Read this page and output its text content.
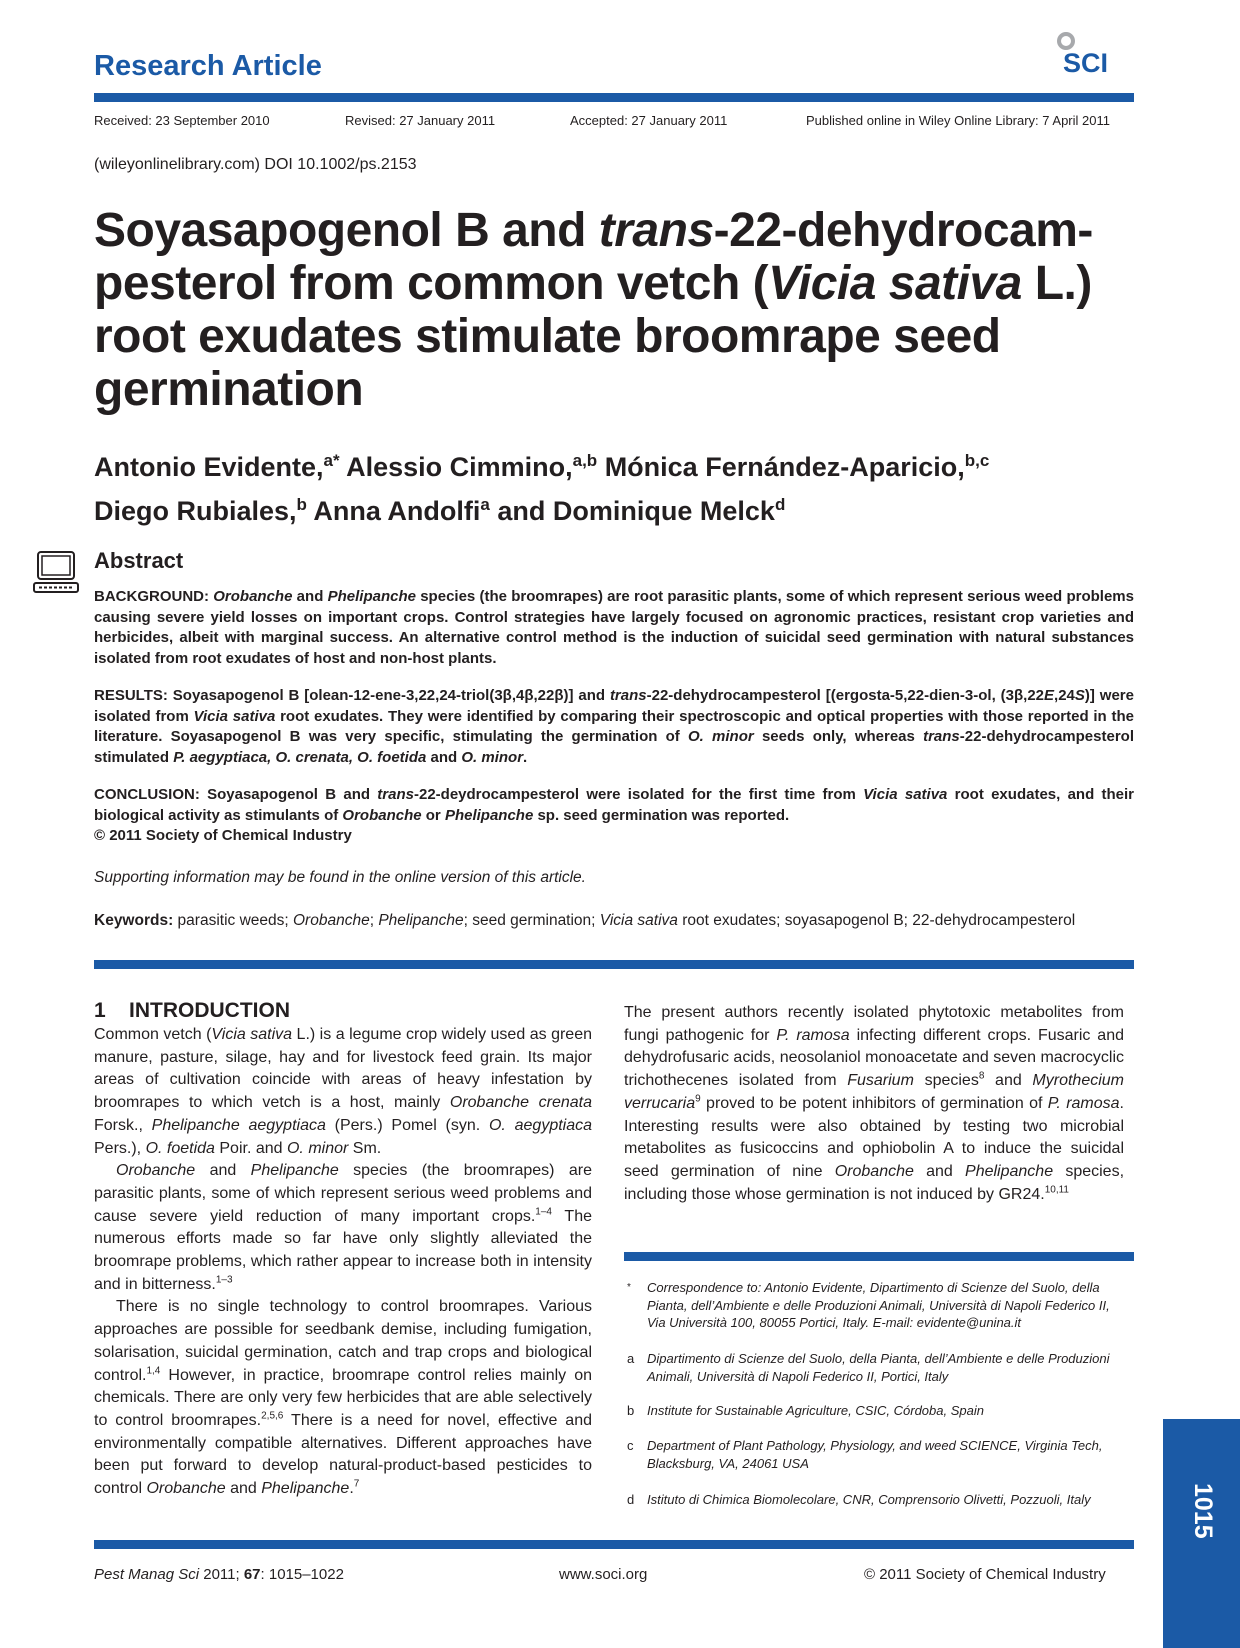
Research Article	SCI
Received: 23 September 2010	Revised: 27 January 2011	Accepted: 27 January 2011	Published online in Wiley Online Library: 7 April 2011
(wileyonlinelibrary.com) DOI 10.1002/ps.2153
Soyasapogenol B and trans-22-dehydrocam-
pesterol from common vetch (Vicia sativa L.)
root exudates stimulate broomrape seed
germination
Antonio Evidente,$^{a*}$ Alessio Cimmino,$^{a,b}$ Mónica Fernández-Aparicio,$^{b,c}$
Diego Rubiales,$^b$ Anna Andolfi$^a$ and Dominique Melck$^d$
Abstract
BACKGROUND: Orobanche and Phelipanche species (the broomrapes) are root parasitic plants, some of which represent serious weed problems causing severe yield losses on important crops. Control strategies have largely focused on agronomic practices, resistant crop varieties and herbicides, albeit with marginal success. An alternative control method is the induction of suicidal seed germination with natural substances isolated from root exudates of host and non-host plants.
RESULTS: Soyasapogenol B [olean-12-ene-3,22,24-triol(3β,4β,22β)] and trans-22-dehydrocampesterol [(ergosta-5,22-dien-3-ol, (3β,22E,24S)] were isolated from Vicia sativa root exudates. They were identified by comparing their spectroscopic and optical properties with those reported in the literature. Soyasapogenol B was very specific, stimulating the germination of O. minor seeds only, whereas trans-22-dehydrocampesterol stimulated P. aegyptiaca, O. crenata, O. foetida and O. minor.
CONCLUSION: Soyasapogenol B and trans-22-deydrocampesterol were isolated for the first time from Vicia sativa root exudates, and their biological activity as stimulants of Orobanche or Phelipanche sp. seed germination was reported.
© 2011 Society of Chemical Industry
Supporting information may be found in the online version of this article.
Keywords: parasitic weeds; Orobanche; Phelipanche; seed germination; Vicia sativa root exudates; soyasapogenol B; 22-dehydrocampesterol
1    INTRODUCTION

Common vetch (Vicia sativa L.) is a legume crop widely used as green manure, pasture, silage, hay and for livestock feed grain. Its major areas of cultivation coincide with areas of heavy infestation by broomrapes to which vetch is a host, mainly Orobanche crenata Forsk., Phelipanche aegyptiaca (Pers.) Pomel (syn. O. aegyptiaca Pers.), O. foetida Poir. and O. minor Sm.

Orobanche and Phelipanche species (the broomrapes) are parasitic plants, some of which represent serious weed problems and cause severe yield reduction of many important crops.$^{1-4}$ The numerous efforts made so far have only slightly alleviated the broomrape problems, which rather appear to increase both in intensity and in bitterness.$^{1-3}$

There is no single technology to control broomrapes. Various approaches are possible for seedbank demise, including fumigation, solarisation, suicidal germination, catch and trap crops and biological control.$^{1,4}$ However, in practice, broomrape control relies mainly on chemicals. There are only very few herbicides that are able selectively to control broomrapes.$^{2,5,6}$ There is a need for novel, effective and environmentally compatible alternatives. Different approaches have been put forward to develop natural-product-based pesticides to control Orobanche and Phelipanche.$^7$

The present authors recently isolated phytotoxic metabolites from fungi pathogenic for P. ramosa infecting different crops. Fusaric and dehydrofusaric acids, neosolaniol monoacetate and seven macrocyclic trichothecenes isolated from Fusarium species$^8$ and Myrothecium verrucaria$^9$ proved to be potent inhibitors of germination of P. ramosa. Interesting results were also obtained by testing two microbial metabolites as fusicoccins and ophiobolin A to induce the suicidal seed germination of nine Orobanche and Phelipanche species, including those whose germination is not induced by GR24.$^{10,11}$

* Correspondence to: Antonio Evidente, Dipartimento di Scienze del Suolo, della Pianta, dell’Ambiente e delle Produzioni Animali, Università di Napoli Federico II, Via Università 100, 80055 Portici, Italy. E-mail: evidente@unina.it
a Dipartimento di Scienze del Suolo, della Pianta, dell’Ambiente e delle Produzioni Animali, Università di Napoli Federico II, Portici, Italy
b Institute for Sustainable Agriculture, CSIC, Córdoba, Spain
c Department of Plant Pathology, Physiology, and weed SCIENCE, Virginia Tech, Blacksburg, VA, 24061 USA
d Istituto di Chimica Biomolecolare, CNR, Comprensorio Olivetti, Pozzuoli, Italy
Pest Manag Sci 2011; 67: 1015–1022	www.soci.org	© 2011 Society of Chemical Industry
1015
